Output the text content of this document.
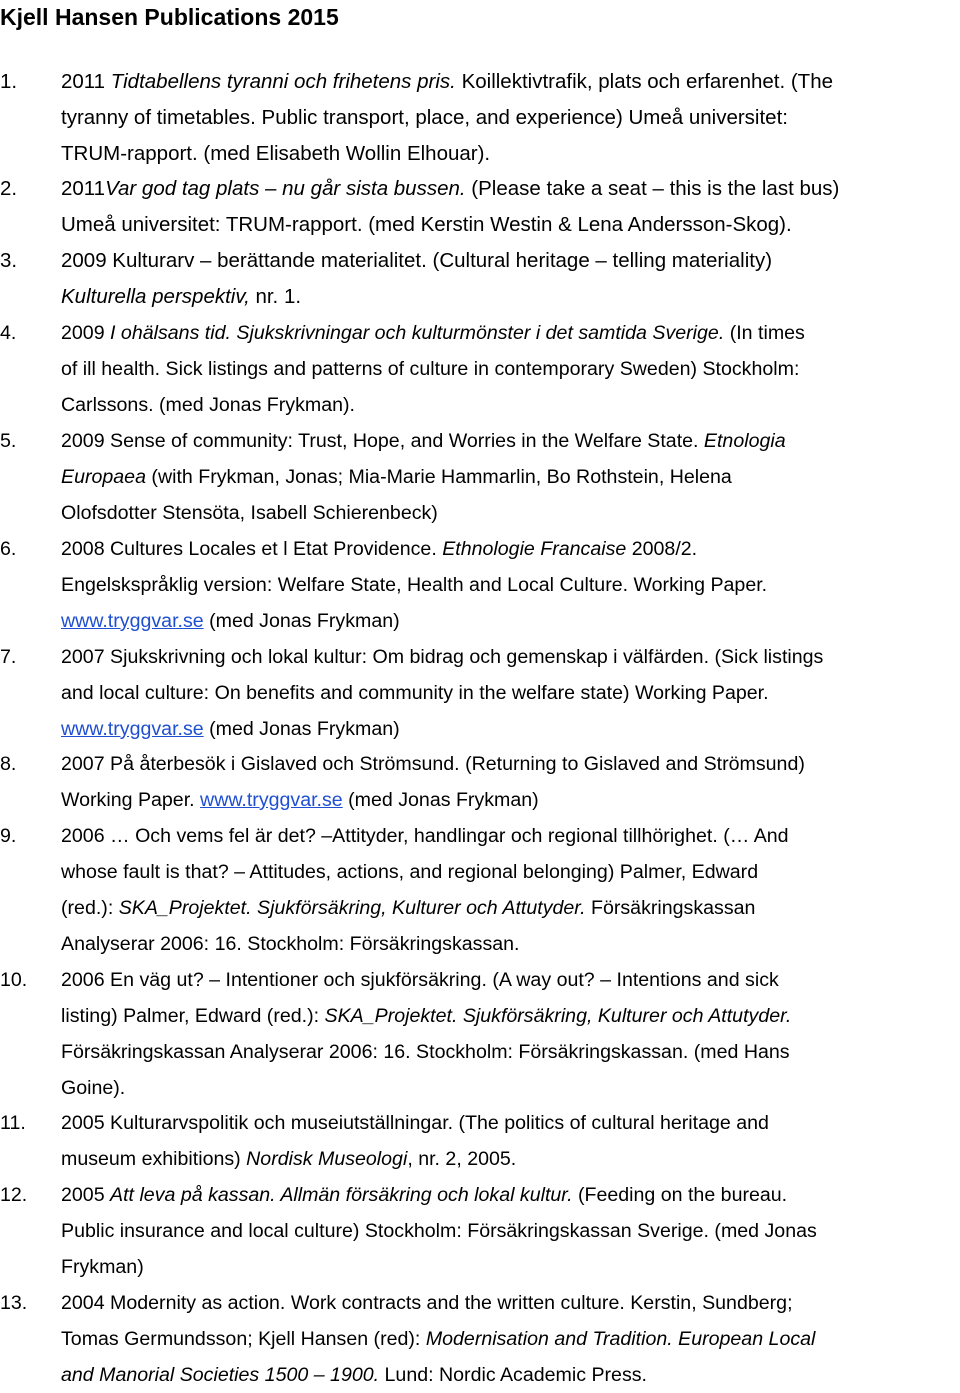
Kjell Hansen Publications 2015
1. 2011 Tidtabellens tyranni och frihetens pris. Koillektivtrafik, plats och erfarenhet. (The
tyranny of timetables. Public transport, place, and experience) Umeå universitet:
TRUM-rapport. (med Elisabeth Wollin Elhouar).
2. 2011Var god tag plats – nu går sista bussen. (Please take a seat – this is the last bus)
Umeå universitet: TRUM-rapport. (med Kerstin Westin & Lena Andersson-Skog).
3. 2009 Kulturarv – berättande materialitet. (Cultural heritage – telling materiality)
Kulturella perspektiv, nr. 1.
4. 2009 I ohälsans tid. Sjukskrivningar och kulturmönster i det samtida Sverige. (In times
of ill health. Sick listings and patterns of culture in contemporary Sweden) Stockholm:
Carlssons. (med Jonas Frykman).
5. 2009 Sense of community: Trust, Hope, and Worries in the Welfare State. Etnologia
Europaea (with Frykman, Jonas; Mia-Marie Hammarlin, Bo Rothstein, Helena
Olofsdotter Stensöta, Isabell Schierenbeck)
6. 2008 Cultures Locales et l Etat Providence. Ethnologie Francaise 2008/2.
Engelskspråklig version: Welfare State, Health and Local Culture. Working Paper.
www.tryggvar.se (med Jonas Frykman)
7. 2007 Sjukskrivning och lokal kultur: Om bidrag och gemenskap i välfärden. (Sick listings
and local culture: On benefits and community in the welfare state) Working Paper.
www.tryggvar.se (med Jonas Frykman)
8. 2007 På återbesök i Gislaved och Strömsund. (Returning to Gislaved and Strömsund)
Working Paper. www.tryggvar.se (med Jonas Frykman)
9. 2006 … Och vems fel är det? –Attityder, handlingar och regional tillhörighet. (… And
whose fault is that? – Attitudes, actions, and regional belonging) Palmer, Edward
(red.): SKA_Projektet. Sjukförsäkring, Kulturer och Attutyder. Försäkringskassan
Analyserar 2006: 16. Stockholm: Försäkringskassan.
10. 2006 En väg ut? – Intentioner och sjukförsäkring. (A way out? – Intentions and sick
listing) Palmer, Edward (red.): SKA_Projektet. Sjukförsäkring, Kulturer och Attutyder.
Försäkringskassan Analyserar 2006: 16. Stockholm: Försäkringskassan. (med Hans
Goine).
11. 2005 Kulturarvspolitik och museiutställningar. (The politics of cultural heritage and
museum exhibitions) Nordisk Museologi, nr. 2, 2005.
12. 2005 Att leva på kassan. Allmän försäkring och lokal kultur. (Feeding on the bureau.
Public insurance and local culture) Stockholm: Försäkringskassan Sverige. (med Jonas
Frykman)
13. 2004 Modernity as action. Work contracts and the written culture. Kerstin, Sundberg;
Tomas Germundsson; Kjell Hansen (red): Modernisation and Tradition. European Local
and Manorial Societies 1500 – 1900. Lund: Nordic Academic Press.
